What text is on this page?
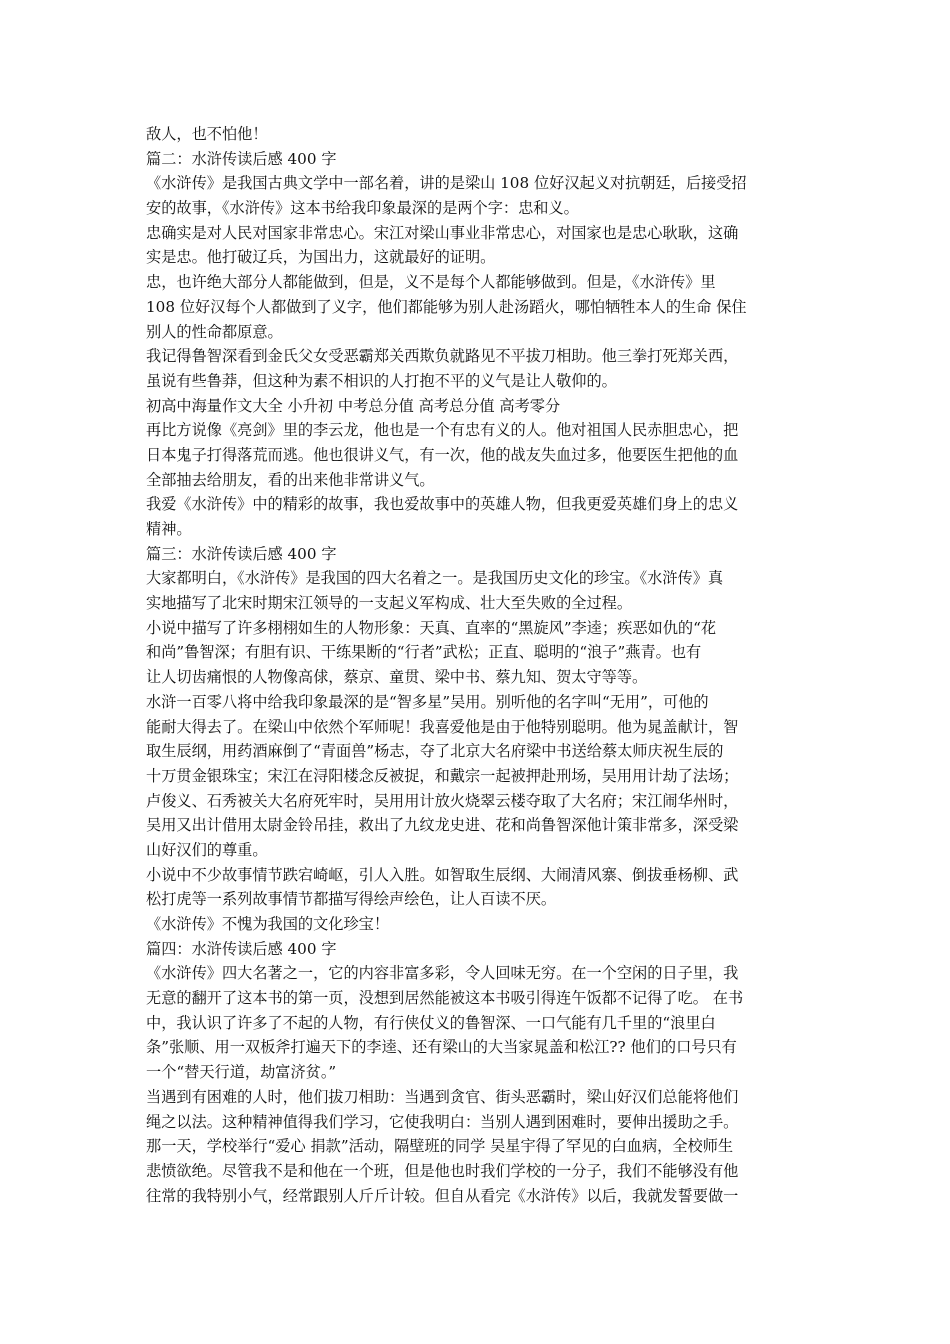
敌人，也不怕他！
篇二：水浒传读后感 400 字
《水浒传》是我国古典文学中一部名着，讲的是梁山 108 位好汉起义对抗朝廷，后接受招
安的故事，《水浒传》这本书给我印象最深的是两个字：忠和义。
忠确实是对人民对国家非常忠心。宋江对梁山事业非常忠心，对国家也是忠心耿耿，这确
实是忠。他打破辽兵，为国出力，这就最好的证明。
忠，也许绝大部分人都能做到，但是，义不是每个人都能够做到。但是，《水浒传》里
108 位好汉每个人都做到了义字，他们都能够为别人赴汤蹈火，哪怕牺牲本人的生命 保住
别人的性命都原意。
我记得鲁智深看到金氏父女受恶霸郑关西欺负就路见不平拔刀相助。他三拳打死郑关西，
虽说有些鲁莽，但这种为素不相识的人打抱不平的义气是让人敬仰的。
初高中海量作文大全 小升初 中考总分值 高考总分值 高考零分
再比方说像《亮剑》里的李云龙，他也是一个有忠有义的人。他对祖国人民赤胆忠心，把
日本鬼子打得落荒而逃。他也很讲义气，有一次，他的战友失血过多，他要医生把他的血
全部抽去给朋友，看的出来他非常讲义气。
我爱《水浒传》中的精彩的故事，我也爱故事中的英雄人物，但我更爱英雄们身上的忠义
精神。
篇三：水浒传读后感 400 字
大家都明白，《水浒传》是我国的四大名着之一。是我国历史文化的珍宝。《水浒传》真
实地描写了北宋时期宋江领导的一支起义军构成、壮大至失败的全过程。
小说中描写了许多栩栩如生的人物形象：天真、直率的“黑旋风”李逵；疾恶如仇的“花
和尚”鲁智深；有胆有识、干练果断的“行者”武松；正直、聪明的“浪子”燕青。也有
让人切齿痛恨的人物像高俅，蔡京、童贯、梁中书、蔡九知、贺太守等等。
水浒一百零八将中给我印象最深的是“智多星”吴用。别听他的名字叫“无用”，可他的
能耐大得去了。在梁山中依然个军师呢！我喜爱他是由于他特别聪明。他为晁盖献计，智
取生辰纲，用药酒麻倒了“青面兽”杨志，夺了北京大名府梁中书送给蔡太师庆祝生辰的
十万贯金银珠宝；宋江在浔阳楼念反被捉，和戴宗一起被押赴刑场，吴用用计劫了法场；
卢俊义、石秀被关大名府死牢时，吴用用计放火烧翠云楼夺取了大名府；宋江闹华州时，
吴用又出计借用太尉金铃吊挂，救出了九纹龙史进、花和尚鲁智深他计策非常多，深受梁
山好汉们的尊重。
小说中不少故事情节跌宕崎岖，引人入胜。如智取生辰纲、大闹清风寨、倒拔垂杨柳、武
松打虎等一系列故事情节都描写得绘声绘色，让人百读不厌。
《水浒传》不愧为我国的文化珍宝！
篇四：水浒传读后感 400 字
《水浒传》四大名著之一，它的内容非富多彩，令人回味无穷。在一个空闲的日子里，我
无意的翻开了这本书的第一页，没想到居然能被这本书吸引得连午饭都不记得了吃。 在书
中，我认识了许多了不起的人物，有行侠仗义的鲁智深、一口气能有几千里的“浪里白
条”张顺、用一双板斧打遍天下的李逵、还有梁山的大当家晁盖和松江?? 他们的口号只有
一个“替天行道，劫富济贫。”
当遇到有困难的人时，他们拔刀相助：当遇到贪官、街头恶霸时，梁山好汉们总能将他们
绳之以法。这种精神值得我们学习，它使我明白：当别人遇到困难时，要伸出援助之手。
那一天，学校举行“爱心 捐款”活动，隔壁班的同学 吴星宇得了罕见的白血病，全校师生
悲愤欲绝。尽管我不是和他在一个班，但是他也时我们学校的一分子，我们不能够没有他
往常的我特别小气，经常跟别人斤斤计较。但自从看完《水浒传》以后，我就发誓要做一
